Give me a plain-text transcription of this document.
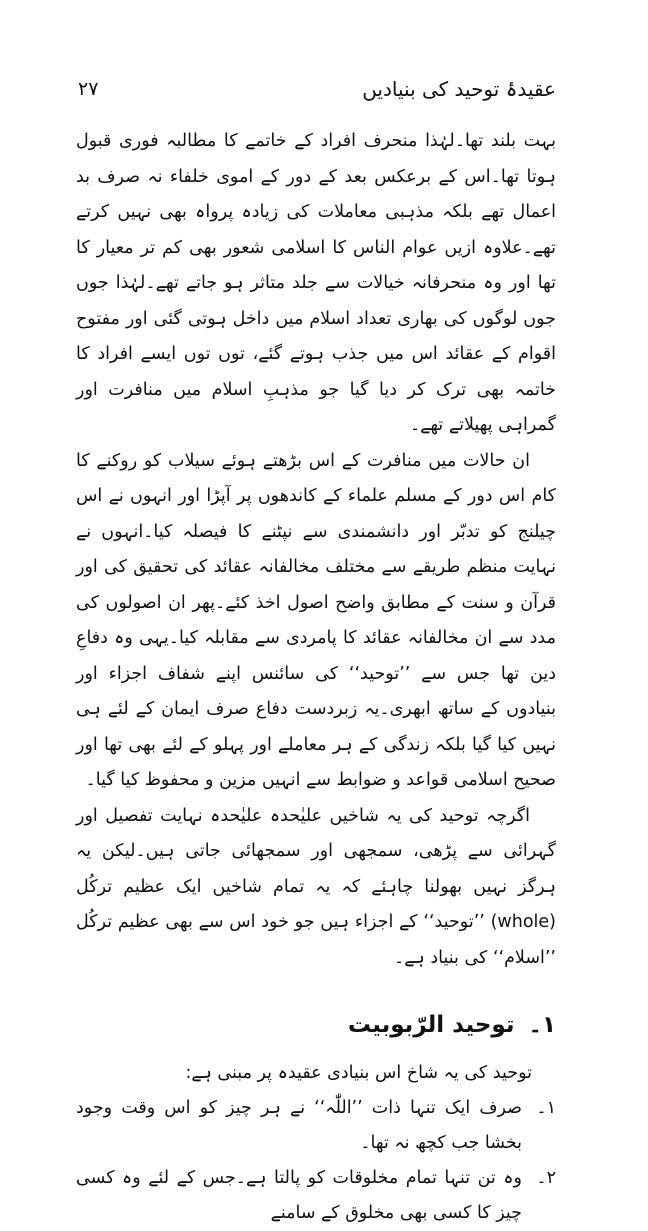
عقیدۂ توحید کی بنیادیں
۲۷

بہت بلند تھا۔لہٰذا منحرف افراد کے خاتمے کا مطالبہ فوری قبول ہوتا تھا۔اس کے برعکس بعد کے دور کے اموی خلفاء نہ صرف بد اعمال تھے بلکہ مذہبی معاملات کی زیادہ پرواہ بھی نہیں کرتے تھے۔علاوہ ازیں عوام الناس کا اسلامی شعور بھی کم تر معیار کا تھا اور وہ منحرفانہ خیالات سے جلد متاثر ہو جاتے تھے۔لہٰذا جوں جوں لوگوں کی بھاری تعداد اسلام میں داخل ہوتی گئی اور مفتوح اقوام کے عقائد اس میں جذب ہوتے گئے، توں توں ایسے افراد کا خاتمہ بھی ترک کر دیا گیا جو مذہبِ اسلام میں منافرت اور گمراہی پھیلاتے تھے۔

ان حالات میں منافرت کے اس بڑھتے ہوئے سیلاب کو روکنے کا کام اس دور کے مسلم علماء کے کاندھوں پر آپڑا اور انہوں نے اس چیلنج کو تدبّر اور دانشمندی سے نپٹنے کا فیصلہ کیا۔انہوں نے نہایت منظم طریقے سے مختلف مخالفانہ عقائد کی تحقیق کی اور قرآن و سنت کے مطابق واضح اصول اخذ کئے۔پھر ان اصولوں کی مدد سے ان مخالفانہ عقائد کا پامردی سے مقابلہ کیا۔یہی وہ دفاعِ دین تھا جس سے ’’توحید‘‘ کی سائنس اپنے شفاف اجزاء اور بنیادوں کے ساتھ ابھری۔یہ زبردست دفاع صرف ایمان کے لئے ہی نہیں کیا گیا بلکہ زندگی کے ہر معاملے اور پہلو کے لئے بھی تھا اور صحیح اسلامی قواعد و ضوابط سے انہیں مزین و محفوظ کیا گیا۔

اگرچہ توحید کی یہ شاخیں علیٰحدہ علیٰحدہ نہایت تفصیل اور گہرائی سے پڑھی، سمجھی اور سمجھائی جاتی ہیں۔لیکن یہ ہرگز نہیں بھولنا چاہئے کہ یہ تمام شاخیں ایک عظیم ترکُل (whole) ’’توحید‘‘ کے اجزاء ہیں جو خود اس سے بھی عظیم ترکُل ’’اسلام‘‘ کی بنیاد ہے۔

۱۔
توحید الرّبوبیت

توحید کی یہ شاخ اس بنیادی عقیدہ پر مبنی ہے:

۱۔
صرف ایک تنہا ذات ’’اللّٰہ‘‘ نے ہر چیز کو اس وقت وجود بخشا جب کچھ نہ تھا۔
۲۔
وہ تن تنہا تمام مخلوقات کو پالتا ہے۔جس کے لئے وہ کسی چیز کا کسی بھی مخلوق کے سامنے
